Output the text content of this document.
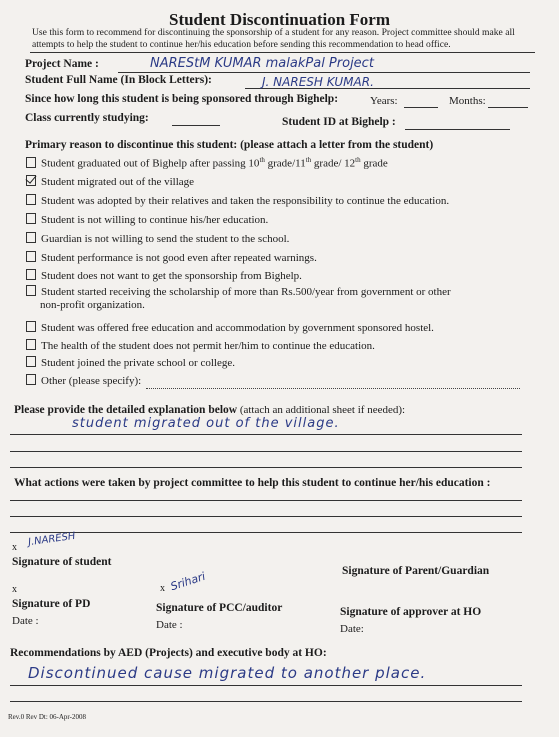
Student Discontinuation Form
Use this form to recommend for discontinuing the sponsorship of a student for any reason. Project committee should make all attempts to help the student to continue her/his education before sending this recommendation to head office.
Project Name :	NAREStM KUMAR malakPal Project
Student Full Name (In Block Letters):	J. NARESH KUMAR.
Since how long this student is being sponsored through Bighelp:	Years:	Months:
Class currently studying:	Student ID at Bighelp :
Primary reason to discontinue this student: (please attach a letter from the student)
Student graduated out of Bighelp after passing 10th grade/11th grade/ 12th grade
Student migrated out of the village
Student was adopted by their relatives and taken the responsibility to continue the education.
Student is not willing to continue his/her education.
Guardian is not willing to send the student to the school.
Student performance is not good even after repeated warnings.
Student does not want to get the sponsorship from Bighelp.
Student started receiving the scholarship of more than Rs.500/year from government or other
non-profit organization.
Student was offered free education and accommodation by government sponsored hostel.
The health of the student does not permit her/him to continue the education.
Student joined the private school or college.
Other (please specify):
Please provide the detailed explanation below (attach an additional sheet if needed):
student migrated out of the village.
What actions were taken by project committee to help this student to continue her/his education :
x J.NARESH
Signature of student
Signature of Parent/Guardian
x
Signature of PD
Date :
x Srihari
Signature of PCC/auditor
Date :
Signature of approver at HO
Date:
Recommendations by AED (Projects) and executive body at HO:
Discontinued cause migrated to another place.
Rev.0 Rev Dt: 06-Apr-2008
